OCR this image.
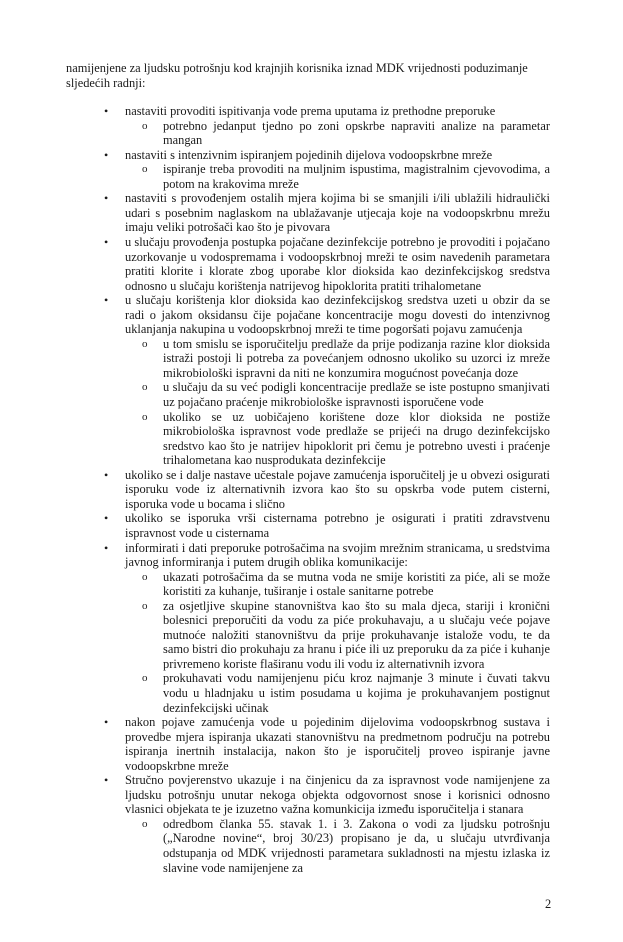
namijenjene za ljudsku potrošnju kod krajnjih korisnika iznad MDK vrijednosti poduzimanje sljedećih radnji:

•	nastaviti provoditi ispitivanja vode prema uputama iz prethodne preporuke
o	potrebno jedanput tjedno po zoni opskrbe napraviti analize na parametar mangan
•	nastaviti s intenzivnim ispiranjem pojedinih dijelova vodoopskrbne mreže
o	ispiranje treba provoditi na muljnim ispustima, magistralnim cjevovodima, a potom na krakovima mreže
•	nastaviti s provođenjem ostalih mjera kojima bi se smanjili i/ili ublažili hidraulički udari s posebnim naglaskom na ublažavanje utjecaja koje na vodoopskrbnu mrežu imaju veliki potrošači kao što je pivovara
•	u slučaju provođenja postupka pojačane dezinfekcije potrebno je provoditi i pojačano uzorkovanje u vodospremama i vodoopskrbnoj mreži te osim navedenih parametara pratiti klorite i klorate zbog uporabe klor dioksida kao dezinfekcijskog sredstva odnosno u slučaju korištenja natrijevog hipoklorita pratiti trihalometane
•	u slučaju korištenja klor dioksida kao dezinfekcijskog sredstva uzeti u obzir da se radi o jakom oksidansu čije pojačane koncentracije mogu dovesti do intenzivnog uklanjanja nakupina u vodoopskrbnoj mreži te time pogoršati pojavu zamućenja
o	u tom smislu se isporučitelju predlaže da prije podizanja razine klor dioksida istraži postoji li potreba za povećanjem odnosno ukoliko su uzorci iz mreže mikrobiološki ispravni da niti ne konzumira mogućnost povećanja doze
o	u slučaju da su već podigli koncentracije predlaže se iste postupno smanjivati uz pojačano praćenje mikrobiološke ispravnosti isporučene vode
o	ukoliko se uz uobičajeno korištene doze klor dioksida ne postiže mikrobiološka ispravnost vode predlaže se prijeći na drugo dezinfekcijsko sredstvo kao što je natrijev hipoklorit pri čemu je potrebno uvesti i praćenje trihalometana kao nusprodukata dezinfekcije
•	ukoliko se i dalje nastave učestale pojave zamućenja isporučitelj je u obvezi osigurati isporuku vode iz alternativnih izvora kao što su opskrba vode putem cisterni, isporuka vode u bocama i slično
•	ukoliko se isporuka vrši cisternama potrebno je osigurati i pratiti zdravstvenu ispravnost vode u cisternama
•	informirati i dati preporuke potrošačima na svojim mrežnim stranicama, u sredstvima javnog informiranja i putem drugih oblika komunikacije:
o	ukazati potrošačima da se mutna voda ne smije koristiti za piće, ali se može koristiti za kuhanje, tuširanje i ostale sanitarne potrebe
o	za osjetljive skupine stanovništva kao što su mala djeca, stariji i kronični bolesnici preporučiti da vodu za piće prokuhavaju, a u slučaju veće pojave mutnoće naložiti stanovništvu da prije prokuhavanje istalože vodu, te da samo bistri dio prokuhaju za hranu i piće ili uz preporuku da za piće i kuhanje privremeno koriste flaširanu vodu ili vodu iz alternativnih izvora
o	prokuhavati vodu namijenjenu piću kroz najmanje 3 minute i čuvati takvu vodu u hladnjaku u istim posudama u kojima je prokuhavanjem postignut dezinfekcijski učinak
•	nakon pojave zamućenja vode u pojedinim dijelovima vodoopskrbnog sustava i provedbe mjera ispiranja ukazati stanovništvu na predmetnom području na potrebu ispiranja inertnih instalacija, nakon što je isporučitelj proveo ispiranje javne vodoopskrbne mreže
•	Stručno povjerenstvo ukazuje i na činjenicu da za ispravnost vode namijenjene za ljudsku potrošnju unutar nekoga objekta odgovornost snose i korisnici odnosno vlasnici objekata te je izuzetno važna komunkicija između isporučitelja i stanara
o	odredbom članka 55. stavak 1. i 3. Zakona o vodi za ljudsku potrošnju („Narodne novine“, broj 30/23) propisano je da, u slučaju utvrđivanja odstupanja od MDK vrijednosti parametara sukladnosti na mjestu izlaska iz slavine vode namijenjene za
2
